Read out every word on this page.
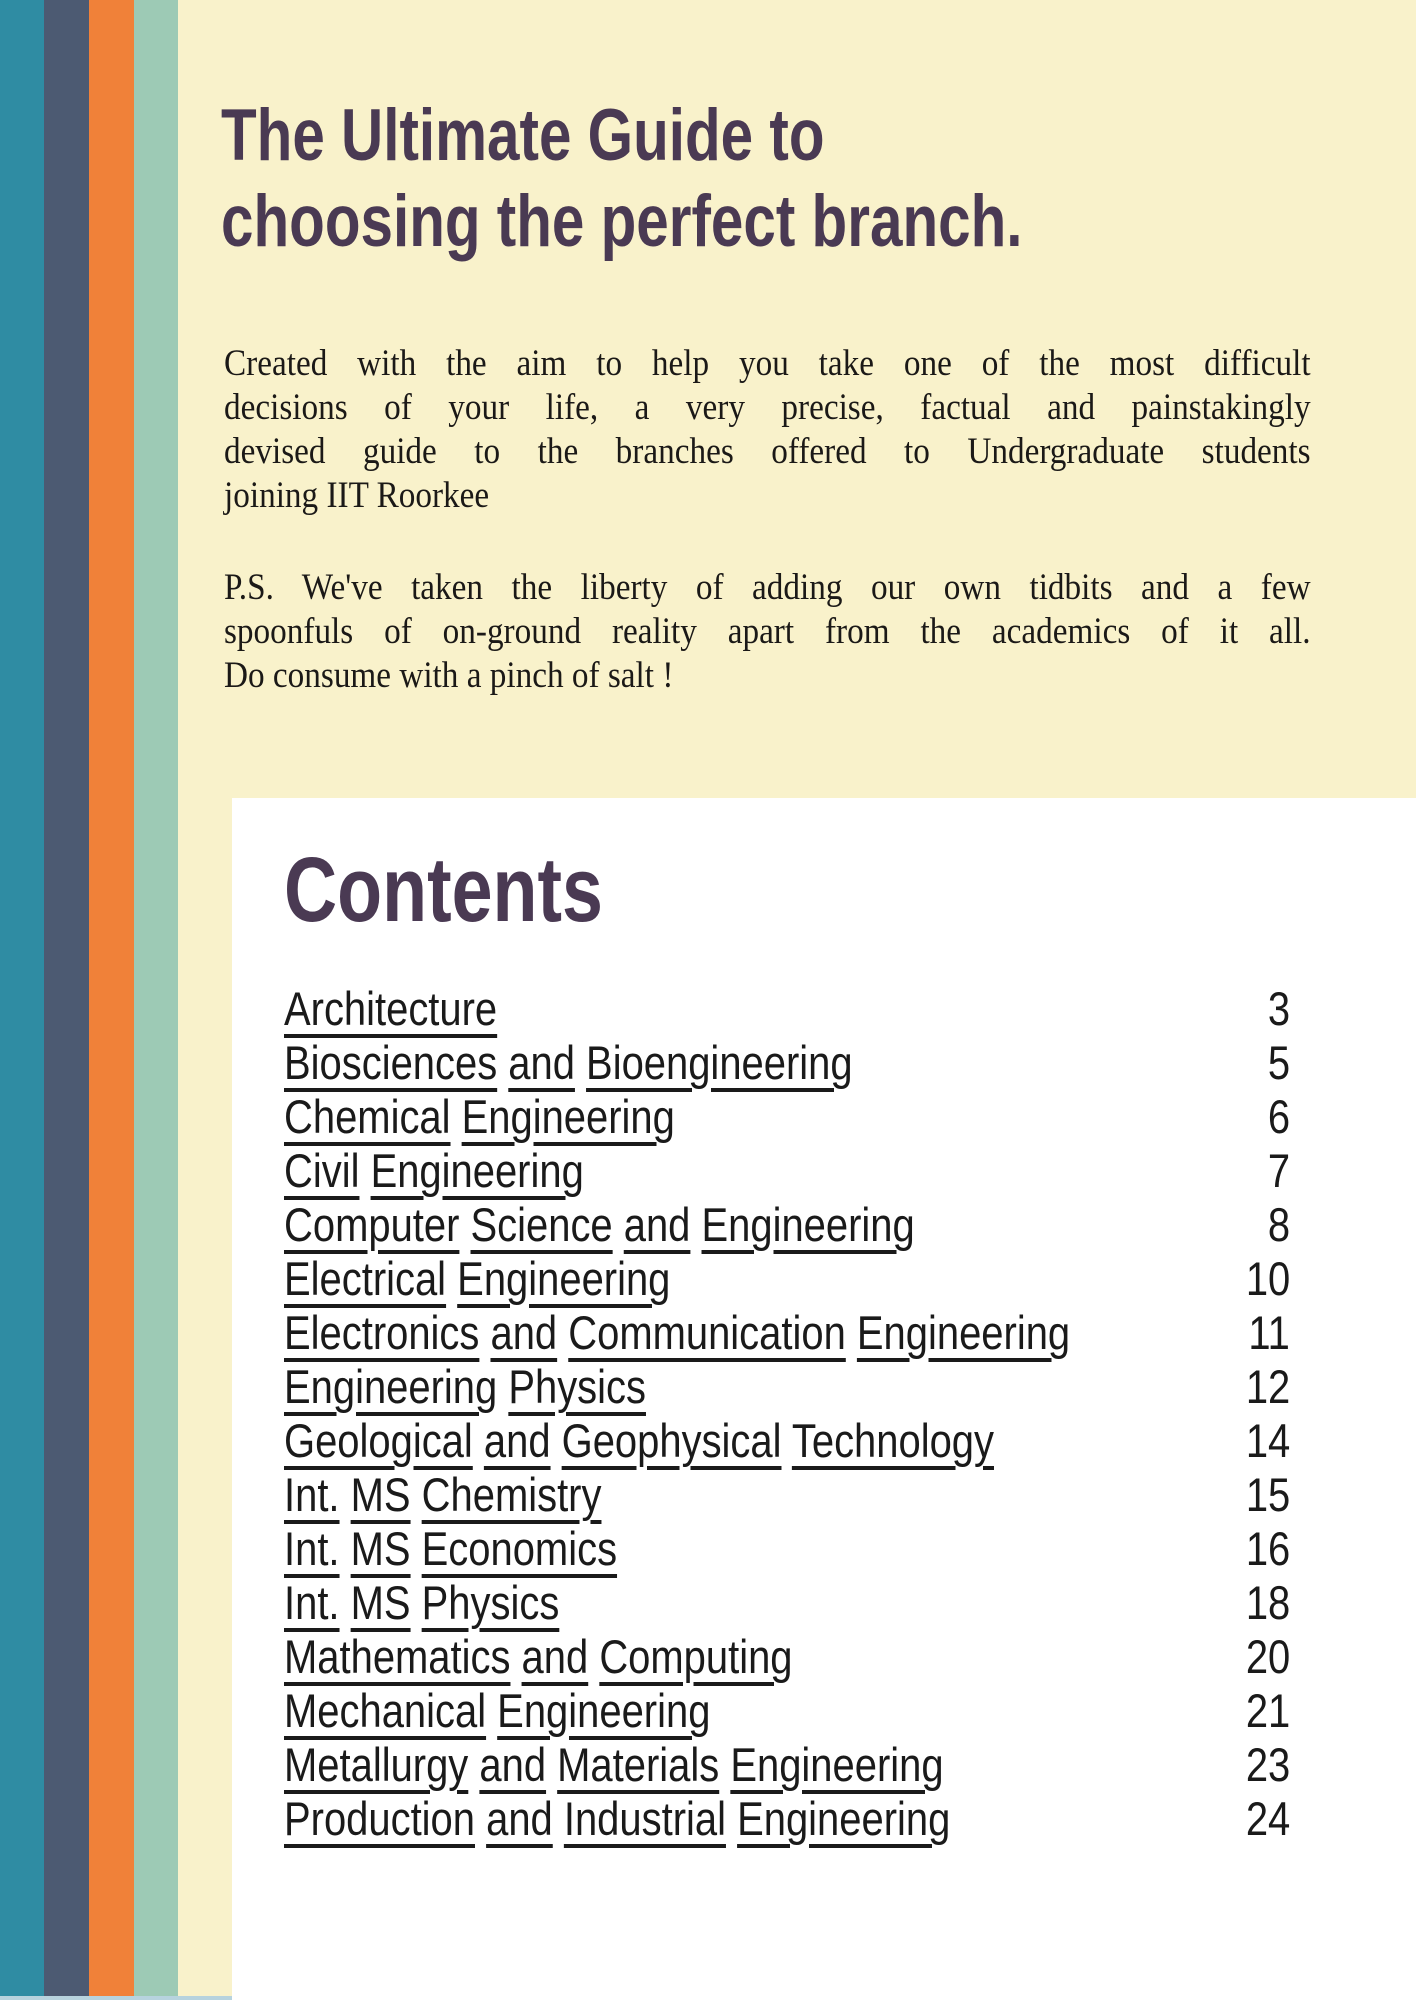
The Ultimate Guide to
choosing the perfect branch.
Created with the aim to help you take one of the most difficult
decisions of your life, a very precise, factual and painstakingly
devised guide to the branches offered to Undergraduate students
joining IIT Roorkee
P.S. We've taken the liberty of adding our own tidbits and a few
spoonfuls of on-ground reality apart from the academics of it all.
Do consume with a pinch of salt !
Contents
Architecture	3
Biosciences and Bioengineering	5
Chemical Engineering	6
Civil Engineering	7
Computer Science and Engineering	8
Electrical Engineering	10
Electronics and Communication Engineering	11
Engineering Physics	12
Geological and Geophysical Technology	14
Int. MS Chemistry	15
Int. MS Economics	16
Int. MS Physics	18
Mathematics and Computing	20
Mechanical Engineering	21
Metallurgy and Materials Engineering	23
Production and Industrial Engineering	24
